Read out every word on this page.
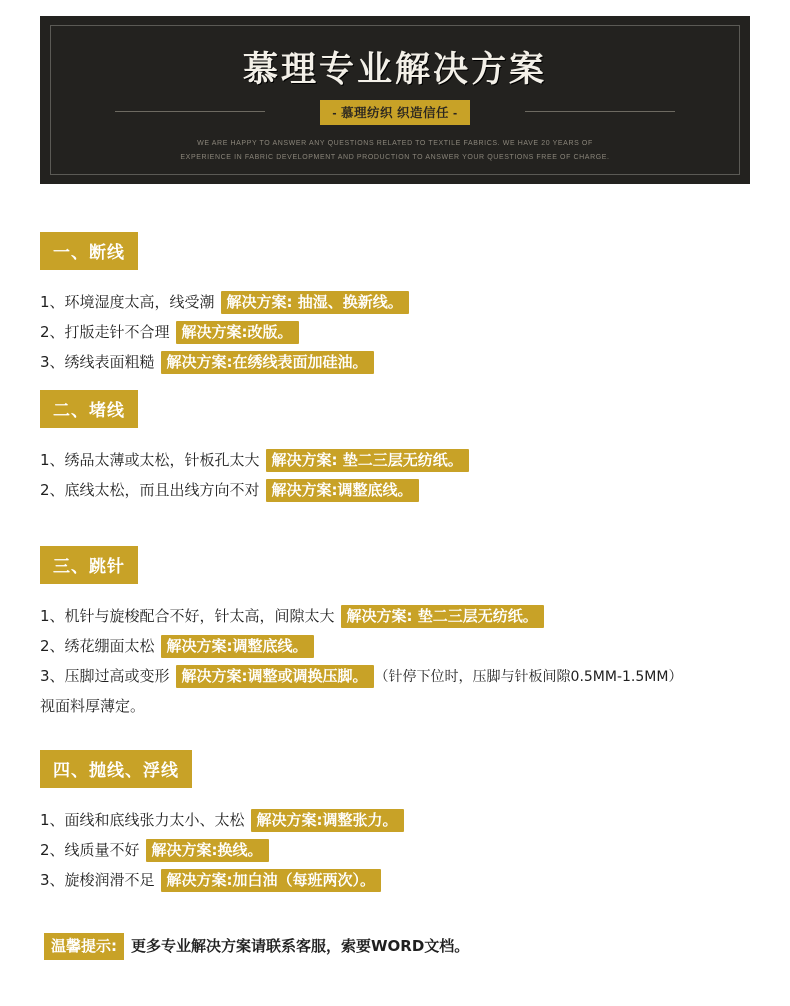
慕理专业解决方案
- 慕理纺织 织造信任 -
WE ARE HAPPY TO ANSWER ANY QUESTIONS RELATED TO TEXTILE FABRICS. WE HAVE 20 YEARS OF
EXPERIENCE IN FABRIC DEVELOPMENT AND PRODUCTION TO ANSWER YOUR QUESTIONS FREE OF CHARGE.
一、断线
1、环境湿度太高，线受潮 解决方案: 抽湿、换新线。
2、打版走针不合理 解决方案:改版。
3、绣线表面粗糙 解决方案:在绣线表面加硅油。
二、堵线
1、绣品太薄或太松，针板孔太大 解决方案: 垫二三层无纺纸。
2、底线太松，而且出线方向不对 解决方案:调整底线。
三、跳针
1、机针与旋梭配合不好，针太高，间隙太大 解决方案: 垫二三层无纺纸。
2、绣花绷面太松 解决方案:调整底线。
3、压脚过高或变形 解决方案:调整或调换压脚。 （针停下位时，压脚与针板间隙0.5MM-1.5MM）
视面料厚薄定。
四、抛线、浮线
1、面线和底线张力太小、太松 解决方案:调整张力。
2、线质量不好 解决方案:换线。
3、旋梭润滑不足 解决方案:加白油（每班两次）。
温馨提示: 更多专业解决方案请联系客服，索要WORD文档。
